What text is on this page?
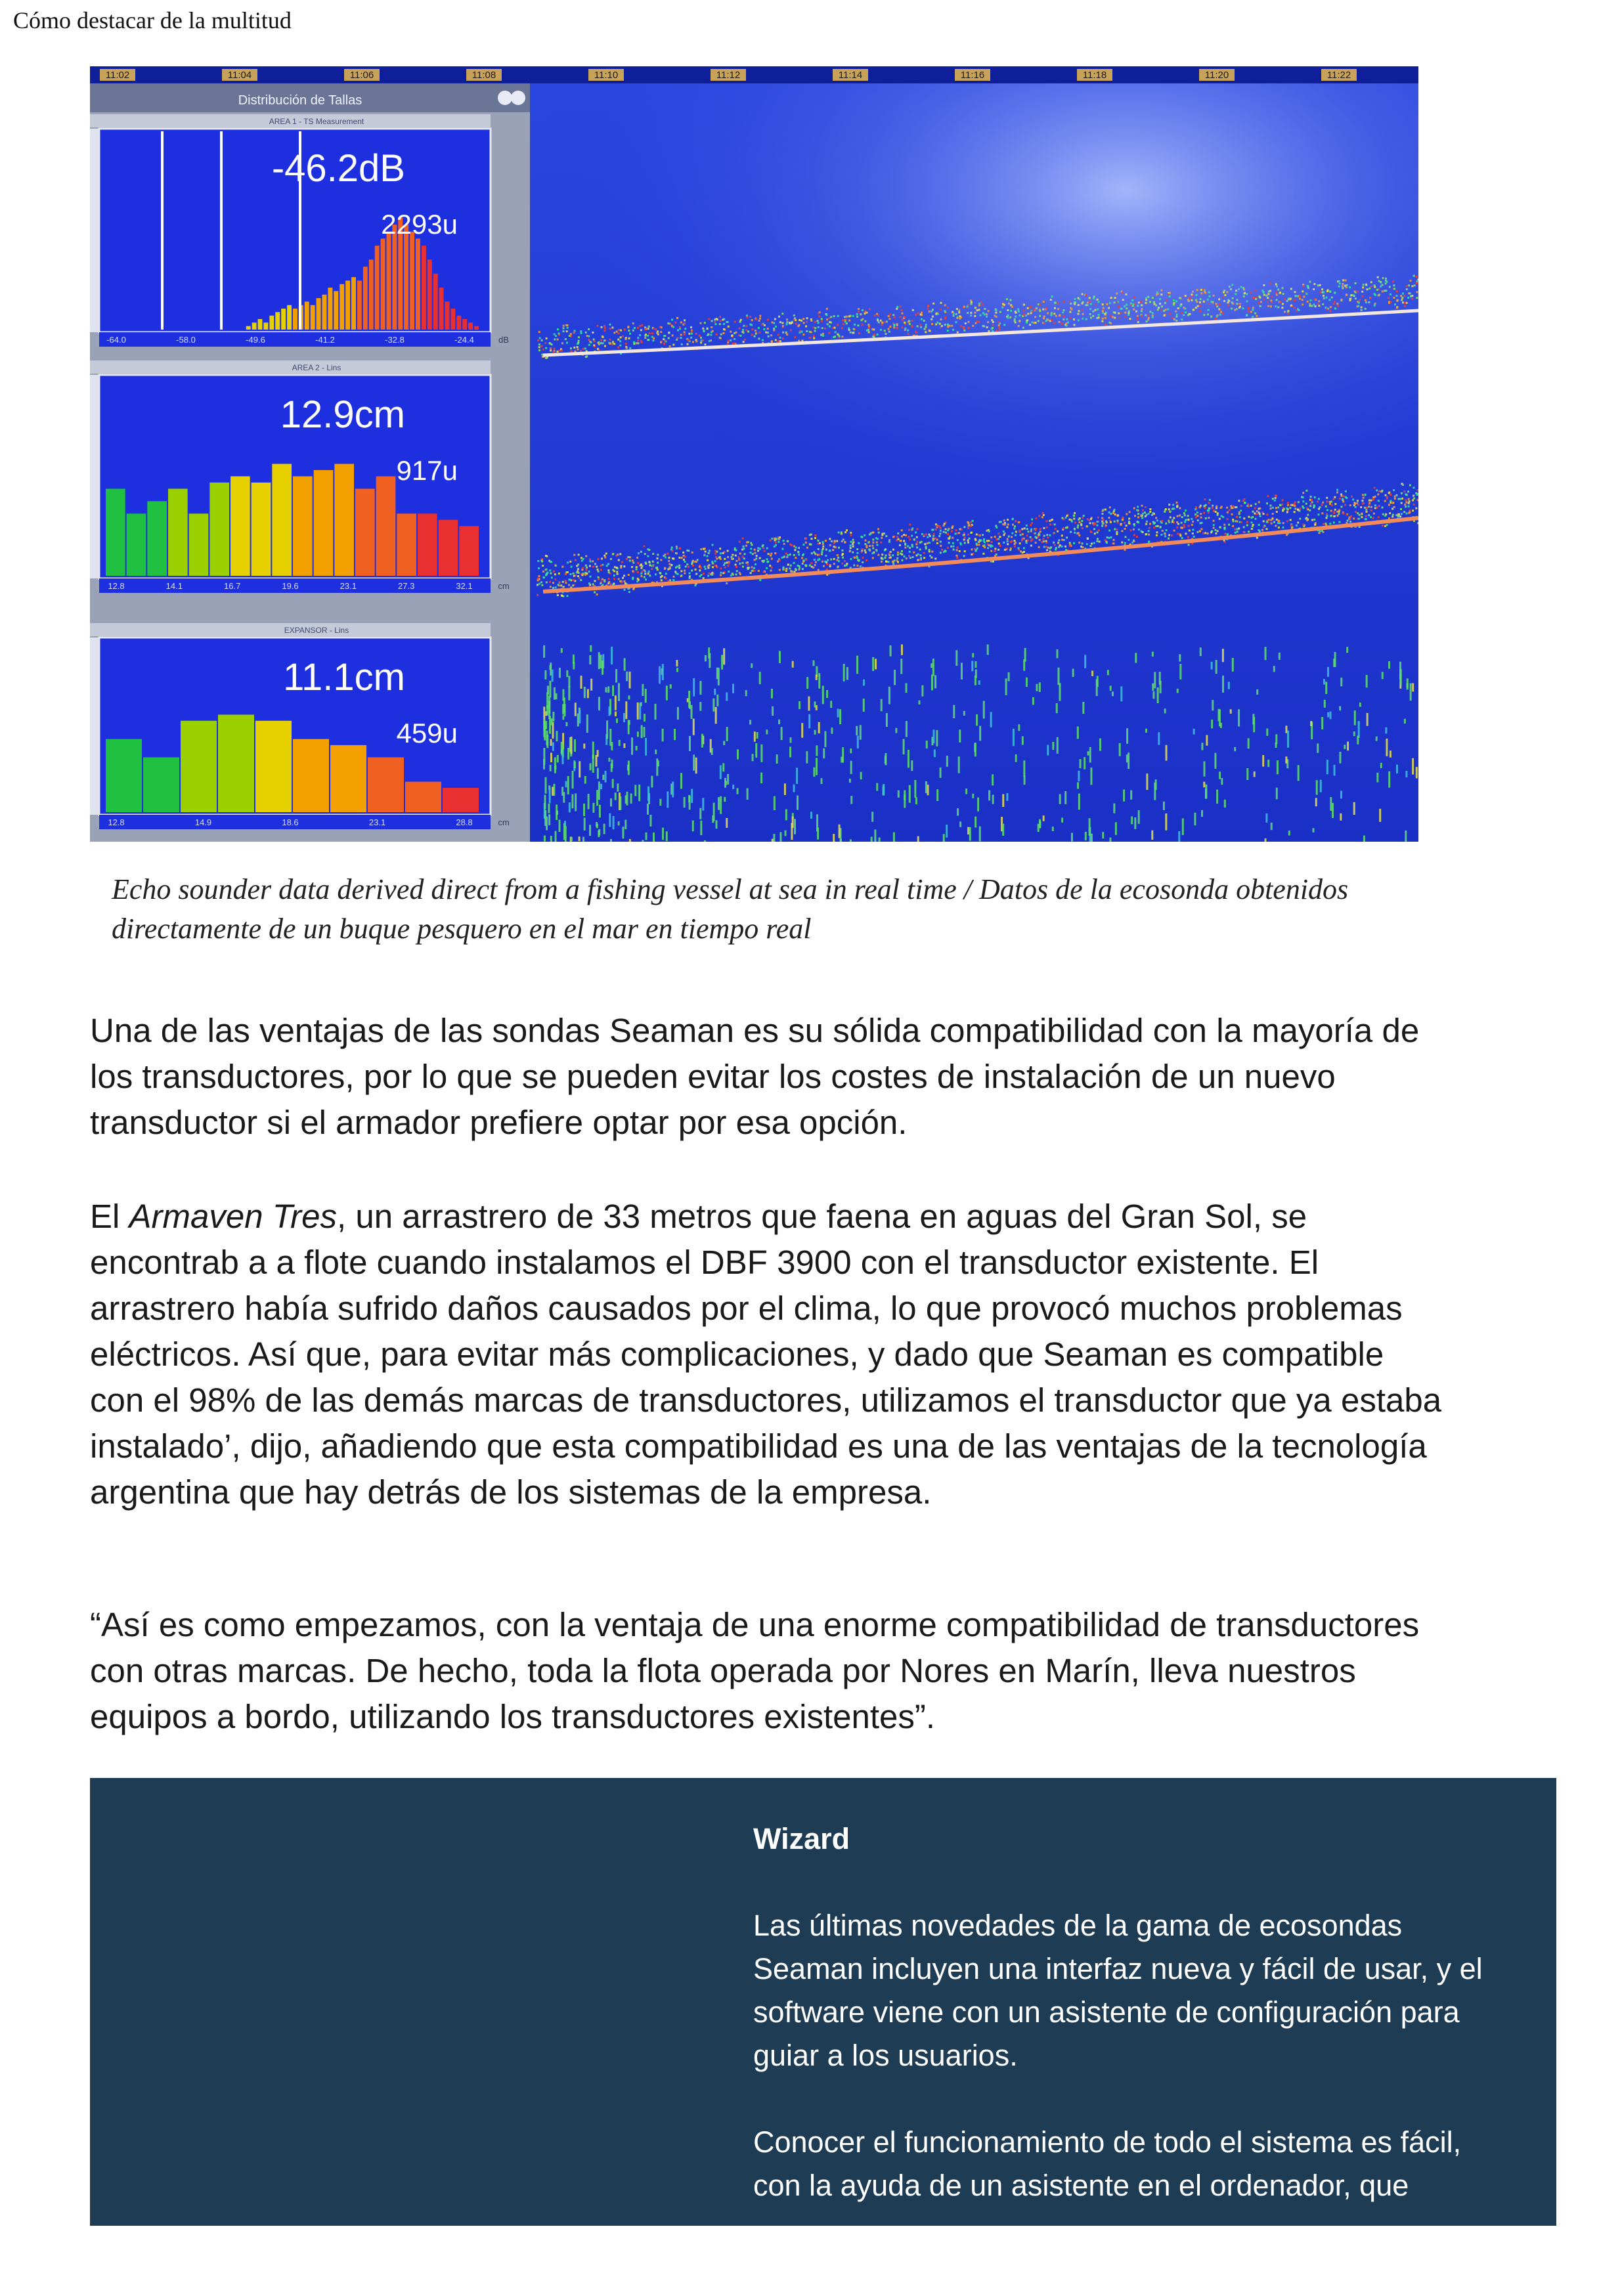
Cómo destacar de la multitud
11:02	11:04	11:06	11:08	11:10	11:12	11:14	11:16	11:18	11:20	11:22
Distribución de Tallas
AREA 1 - TS Measurement
-46.2dB
2293u
-64.0	-58.0	-49.6	-41.2	-32.8	-24.4	dB
AREA 2 - Lins
12.9cm
917u
12.8	14.1	16.7	19.6	23.1	27.3	32.1	cm
EXPANSOR - Lins
11.1cm
459u
12.8	14.9	18.6	23.1	28.8	cm
Echo sounder data derived direct from a fishing vessel at sea in real time / Datos de la ecosonda obtenidos directamente de un buque pesquero en el mar en tiempo real

Una de las ventajas de las sondas Seaman es su sólida compatibilidad con la mayoría de los transductores, por lo que se pueden evitar los costes de instalación de un nuevo transductor si el armador prefiere optar por esa opción.

El Armaven Tres, un arrastrero de 33 metros que faena en aguas del Gran Sol, se encontrab a a flote cuando instalamos el DBF 3900 con el transductor existente. El arrastrero había sufrido daños causados por el clima, lo que provocó muchos problemas eléctricos. Así que, para evitar más complicaciones, y dado que Seaman es compatible con el 98% de las demás marcas de transductores, utilizamos el transductor que ya estaba instalado’, dijo, añadiendo que esta compatibilidad es una de las ventajas de la tecnología argentina que hay detrás de los sistemas de la empresa.

“Así es como empezamos, con la ventaja de una enorme compatibilidad de transductores con otras marcas. De hecho, toda la flota operada por Nores en Marín, lleva nuestros equipos a bordo, utilizando los transductores existentes”.

Wizard

Las últimas novedades de la gama de ecosondas Seaman incluyen una interfaz nueva y fácil de usar, y el software viene con un asistente de configuración para guiar a los usuarios.

Conocer el funcionamiento de todo el sistema es fácil, con la ayuda de un asistente en el ordenador, que
